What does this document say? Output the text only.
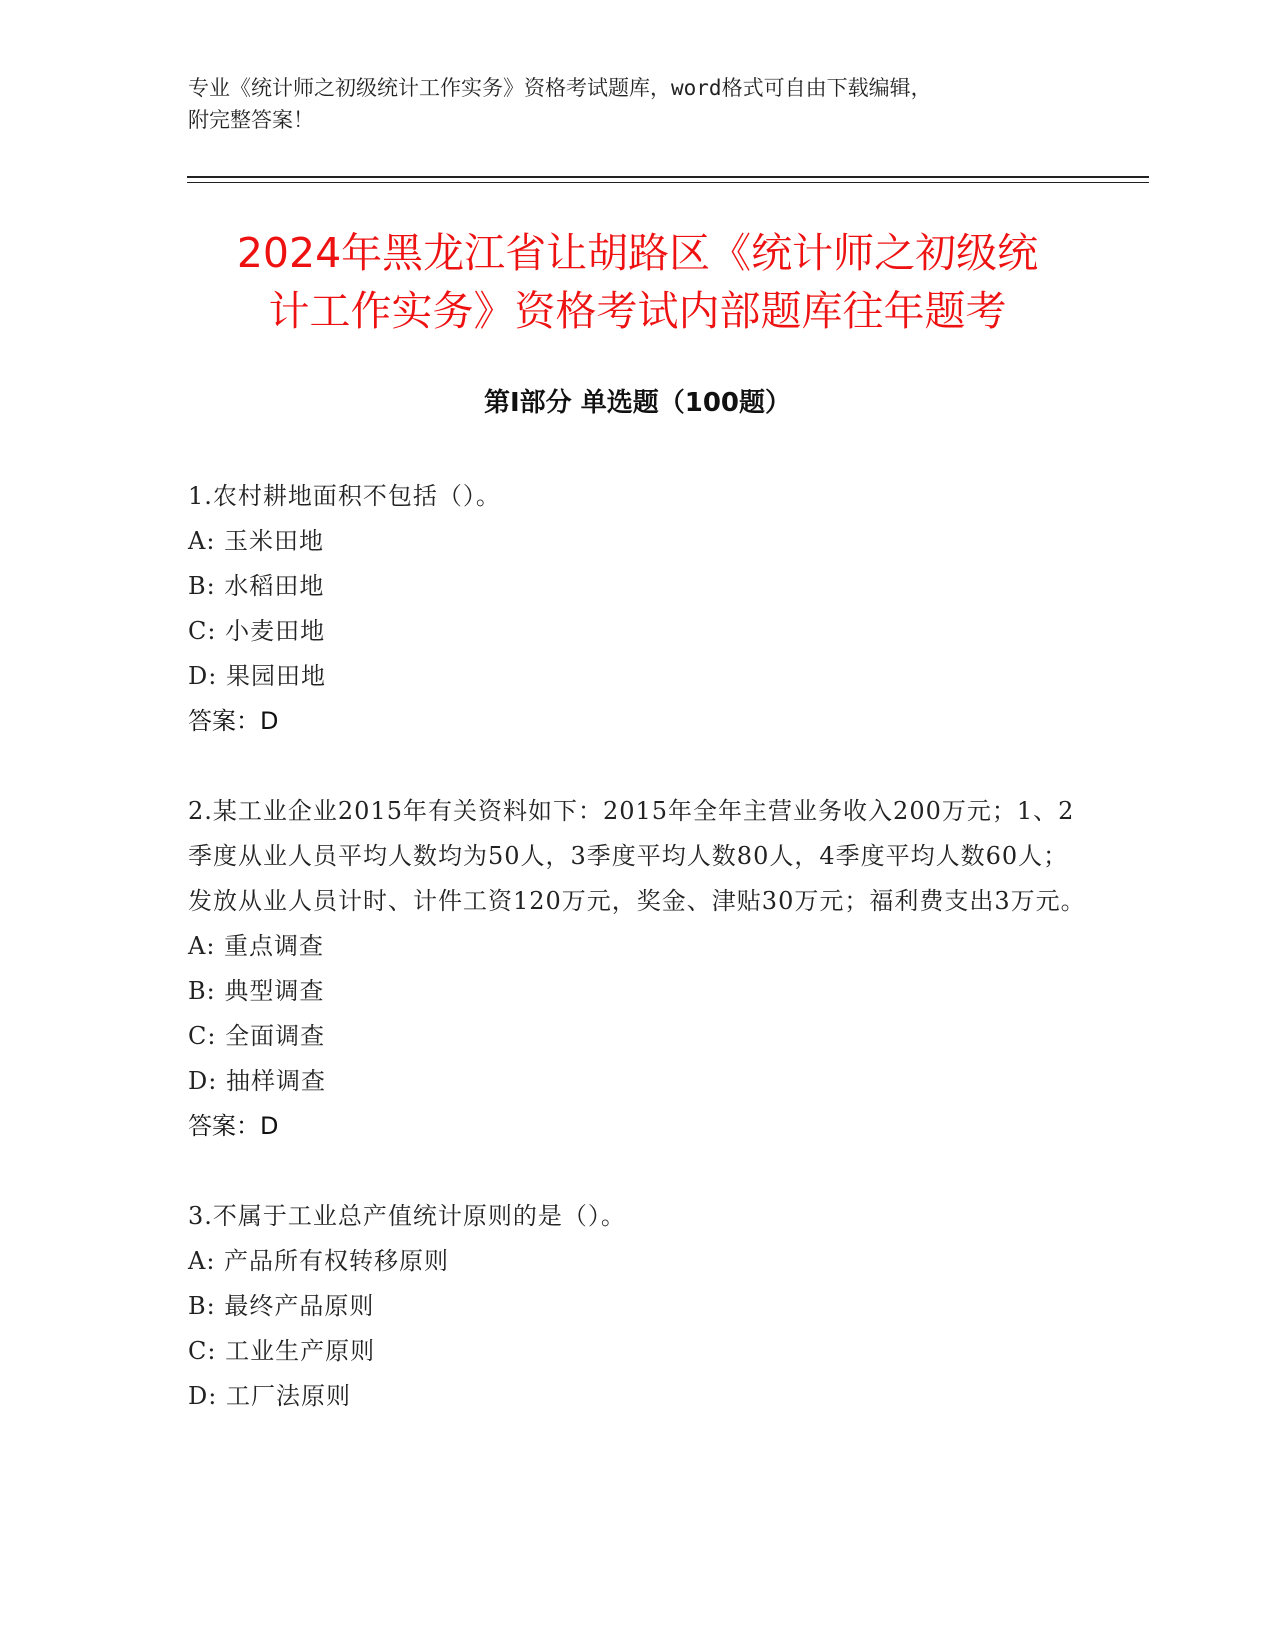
专业《统计师之初级统计工作实务》资格考试题库，word格式可自由下载编辑，
附完整答案！
2024年黑龙江省让胡路区《统计师之初级统
计工作实务》资格考试内部题库往年题考
第Ⅰ部分 单选题（100题）

1.农村耕地面积不包括（）。

A: 玉米田地

B: 水稻田地

C: 小麦田地

D: 果园田地

答案：D

2.某工业企业2015年有关资料如下：2015年全年主营业务收入200万元；1、2季度从业人员平均人数均为50人，3季度平均人数80人，4季度平均人数60人；发放从业人员计时、计件工资120万元，奖金、津贴30万元；福利费支出3万元。

A: 重点调查

B: 典型调查

C: 全面调查

D: 抽样调查

答案：D

3.不属于工业总产值统计原则的是（）。

A: 产品所有权转移原则

B: 最终产品原则

C: 工业生产原则

D: 工厂法原则
